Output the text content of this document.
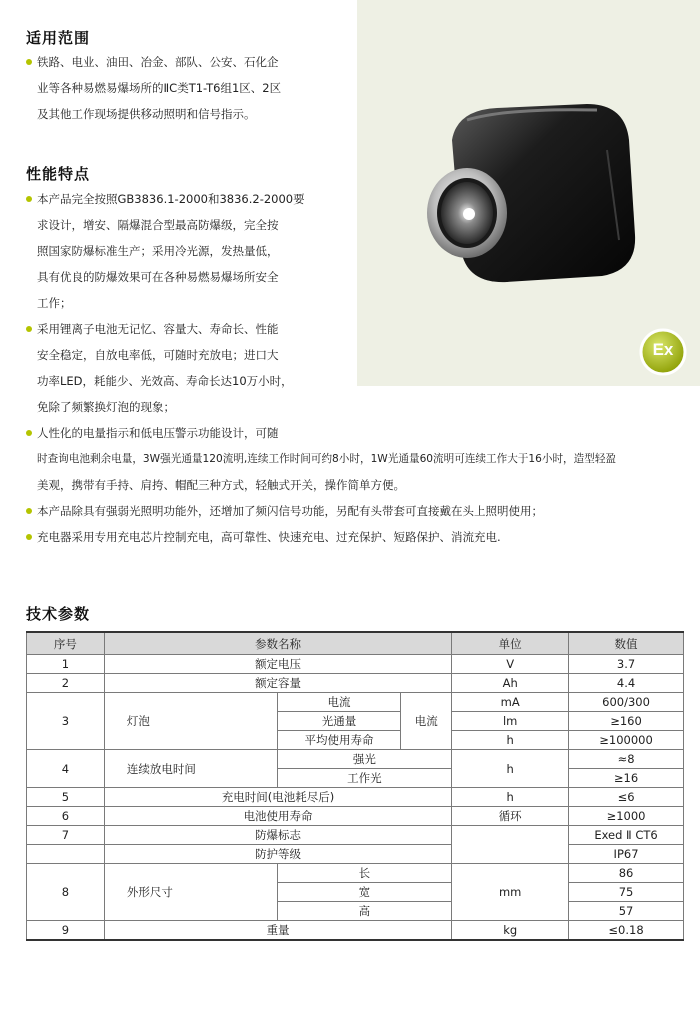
Ex
适用范围
铁路、电业、油田、冶金、部队、公安、石化企
业等各种易燃易爆场所的ⅡC类T1-T6组1区、2区
及其他工作现场提供移动照明和信号指示。
性能特点
本产品完全按照GB3836.1-2000和3836.2-2000要
求设计，增安、隔爆混合型最高防爆级，完全按
照国家防爆标准生产；采用冷光源，发热量低，
具有优良的防爆效果可在各种易燃易爆场所安全
工作；
采用锂离子电池无记忆、容量大、寿命长、性能
安全稳定，自放电率低，可随时充放电；进口大
功率LED，耗能少、光效高、寿命长达10万小时，
免除了频繁换灯泡的现象；
人性化的电量指示和低电压警示功能设计，可随
时查询电池剩余电量，3W强光通量120流明,连续工作时间可约8小时，1W光通量60流明可连续工作大于16小时，造型轻盈
美观，携带有手持、肩挎、帽配三种方式，轻触式开关，操作简单方便。
本产品除具有强弱光照明功能外，还增加了频闪信号功能，另配有头带套可直接戴在头上照明使用；
充电器采用专用充电芯片控制充电，高可靠性、快速充电、过充保护、短路保护、消流充电.
技术参数
序号	参数名称			单位	数值
1	额定电压			V	3.7
2	额定容量			Ah	4.4
3	灯泡	电流	电流	mA	600/300
		光通量		lm	≥160
		平均使用寿命		h	≥100000
4	连续放电时间	强光		h	≈8
		工作光			≥16
5	充电时间(电池耗尽后)			h	≤6
6	电池使用寿命			循环	≥1000
7	防爆标志				Exed Ⅱ CT6
	防护等级				IP67
8	外形尺寸	长		mm	86
		宽			75
		高			57
9	重量			kg	≤0.18
